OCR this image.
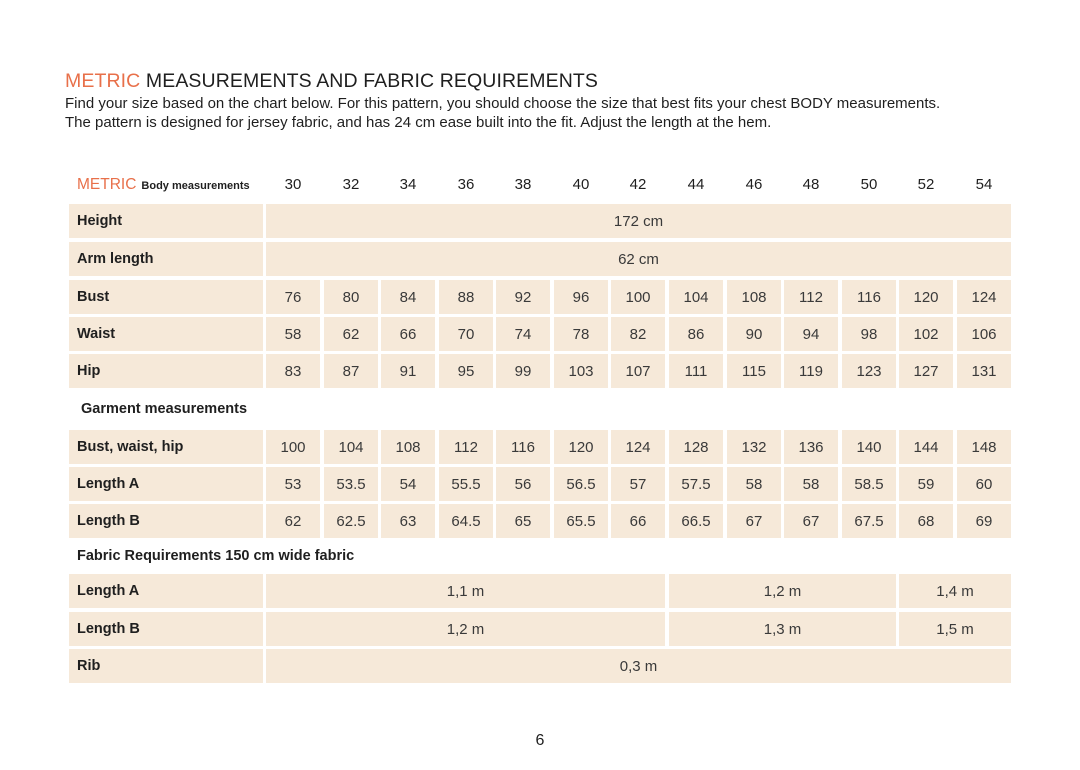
METRIC MEASUREMENTS AND FABRIC REQUIREMENTS
Find your size based on the chart below. For this pattern, you should choose the size that best fits your chest BODY measurements.
The pattern is designed for jersey fabric, and has 24 cm ease built into the fit. Adjust the length at the hem.
METRIC Body measurements	30	32	34	36	38	40	42	44	46	48	50	52	54
Height	172 cm
Arm length	62 cm
Bust	76	80	84	88	92	96	100	104	108	112	116	120	124
Waist	58	62	66	70	74	78	82	86	90	94	98	102	106
Hip	83	87	91	95	99	103	107	111	115	119	123	127	131
Garment measurements
Bust, waist, hip	100	104	108	112	116	120	124	128	132	136	140	144	148
Length A	53	53.5	54	55.5	56	56.5	57	57.5	58	58	58.5	59	60
Length B	62	62.5	63	64.5	65	65.5	66	66.5	67	67	67.5	68	69
Fabric Requirements 150 cm wide fabric
Length A	1,1 m	1,2 m	1,4 m
Length B	1,2 m	1,3 m	1,5 m
Rib	0,3 m
6
